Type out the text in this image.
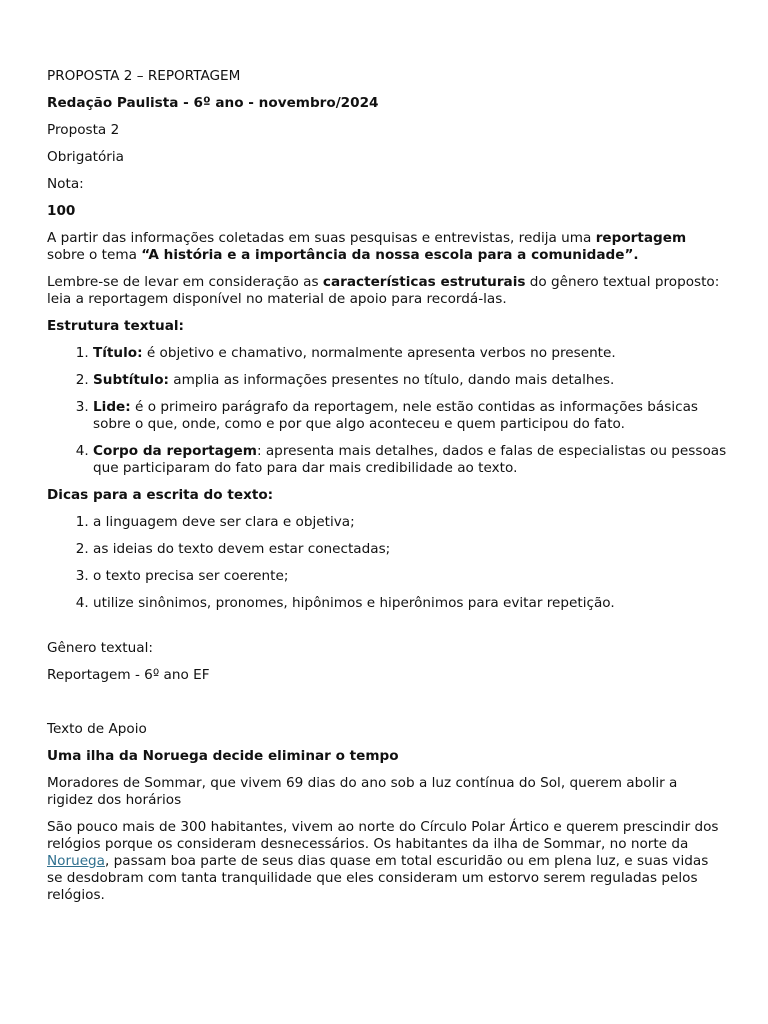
PROPOSTA 2 – REPORTAGEM

Redação Paulista - 6º ano - novembro/2024

Proposta 2

Obrigatória

Nota:

100

A partir das informações coletadas em suas pesquisas e entrevistas, redija uma reportagem sobre o tema “A história e a importância da nossa escola para a comunidade”.

Lembre-se de levar em consideração as características estruturais do gênero textual proposto: leia a reportagem disponível no material de apoio para recordá-las.

Estrutura textual:

1. Título: é objetivo e chamativo, normalmente apresenta verbos no presente.
2. Subtítulo: amplia as informações presentes no título, dando mais detalhes.
3. Lide: é o primeiro parágrafo da reportagem, nele estão contidas as informações básicas sobre o que, onde, como e por que algo aconteceu e quem participou do fato.
4. Corpo da reportagem: apresenta mais detalhes, dados e falas de especialistas ou pessoas que participaram do fato para dar mais credibilidade ao texto.

Dicas para a escrita do texto:

1. a linguagem deve ser clara e objetiva;
2. as ideias do texto devem estar conectadas;
3. o texto precisa ser coerente;
4. utilize sinônimos, pronomes, hipônimos e hiperônimos para evitar repetição.

Gênero textual:

Reportagem - 6º ano EF

Texto de Apoio

Uma ilha da Noruega decide eliminar o tempo

Moradores de Sommar, que vivem 69 dias do ano sob a luz contínua do Sol, querem abolir a rigidez dos horários

São pouco mais de 300 habitantes, vivem ao norte do Círculo Polar Ártico e querem prescindir dos relógios porque os consideram desnecessários. Os habitantes da ilha de Sommar, no norte da Noruega, passam boa parte de seus dias quase em total escuridão ou em plena luz, e suas vidas se desdobram com tanta tranquilidade que eles consideram um estorvo serem reguladas pelos relógios.
